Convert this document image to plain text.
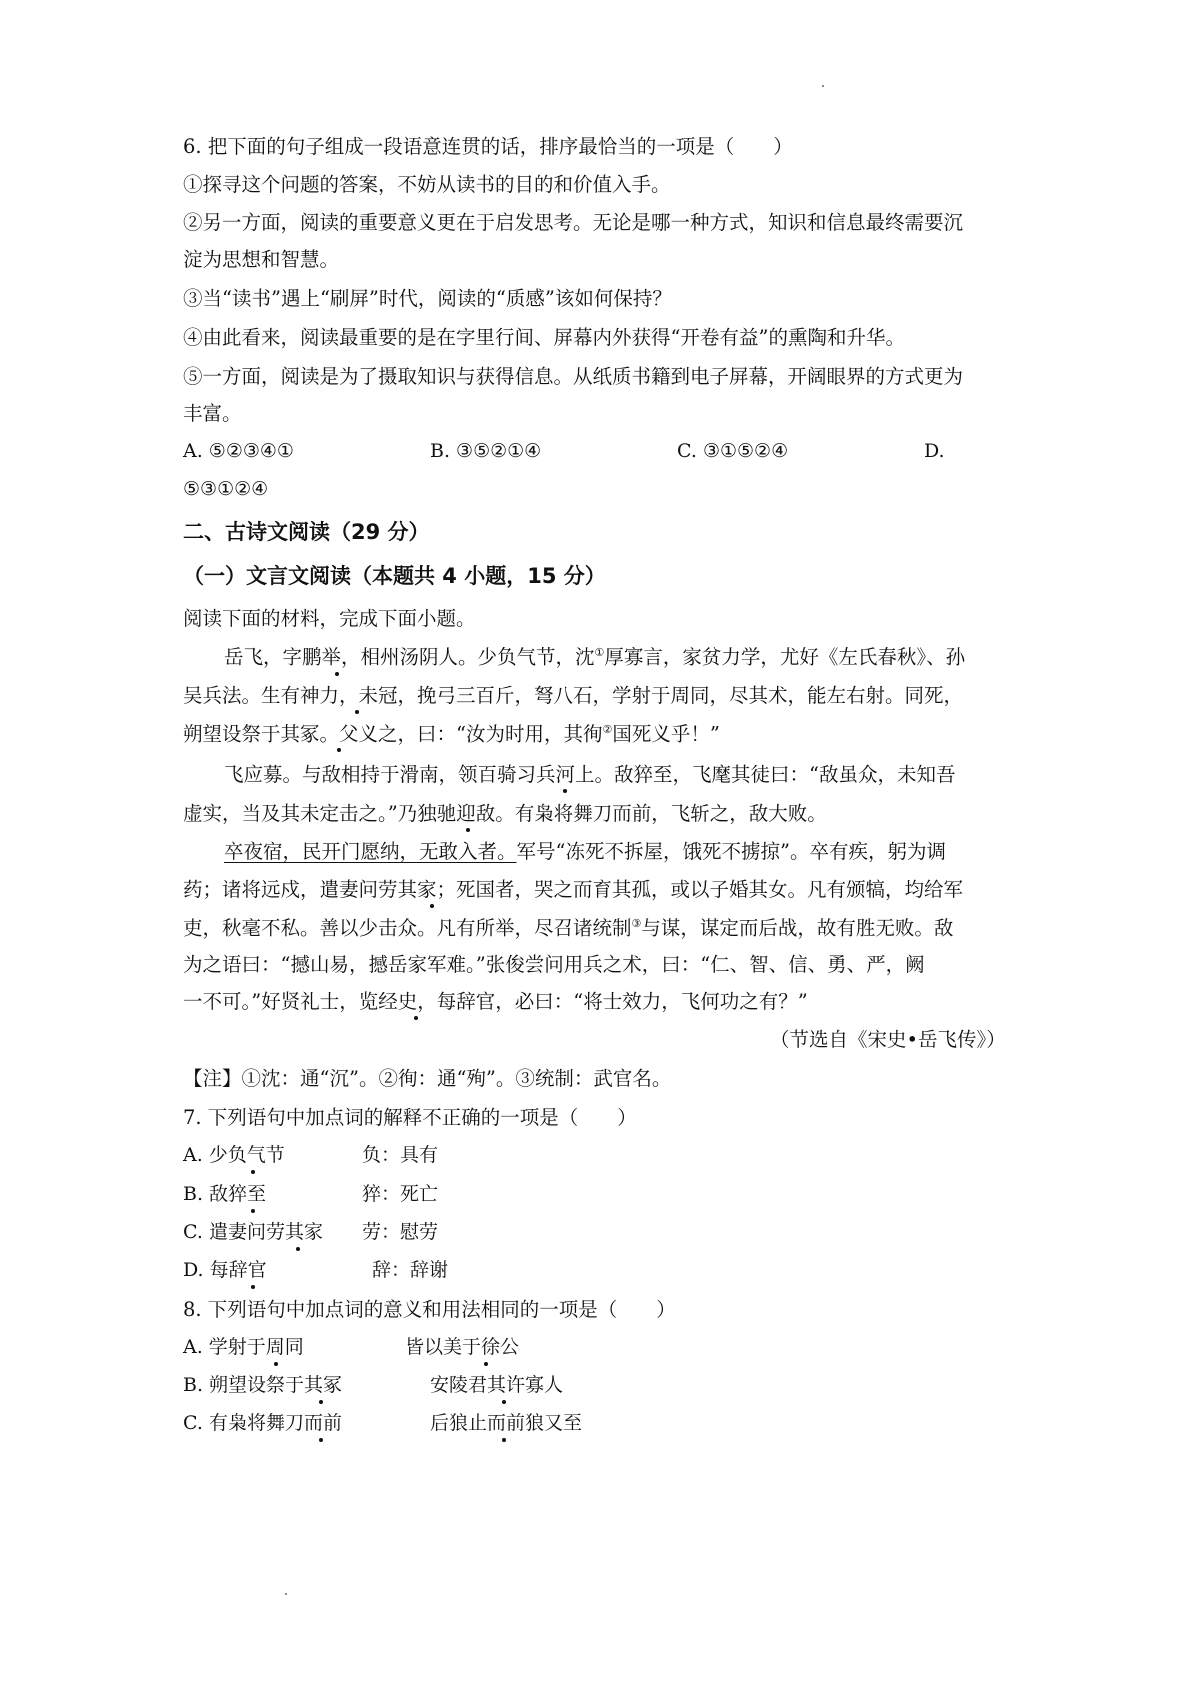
6. 把下面的句子组成一段语意连贯的话，排序最恰当的一项是（　　）
①探寻这个问题的答案，不妨从读书的目的和价值入手。
②另一方面，阅读的重要意义更在于启发思考。无论是哪一种方式，知识和信息最终需要沉
淀为思想和智慧。
③当“读书”遇上“刷屏”时代，阅读的“质感”该如何保持？
④由此看来，阅读最重要的是在字里行间、屏幕内外获得“开卷有益”的熏陶和升华。
⑤一方面，阅读是为了摄取知识与获得信息。从纸质书籍到电子屏幕，开阔眼界的方式更为
丰富。
A. ⑤②③④①	B. ③⑤②①④	C. ③①⑤②④	D.
⑤③①②④
二、古诗文阅读（29 分）
（一）文言文阅读（本题共 4 小题，15 分）
阅读下面的材料，完成下面小题。
岳飞，字鹏举，相州汤阴人。少负气节，沈①厚寡言，家贫力学，尤好《左氏春秋》、孙
吴兵法。生有神力，未冠，挽弓三百斤，弩八石，学射于周同，尽其术，能左右射。同死，
朔望设祭于其冢。父义之，曰：“汝为时用，其徇②国死义乎！”
飞应募。与敌相持于滑南，领百骑习兵河上。敌猝至，飞麾其徒曰：“敌虽众，未知吾
虚实，当及其未定击之。”乃独驰迎敌。有枭将舞刀而前，飞斩之，敌大败。
卒夜宿，民开门愿纳，无敢入者。军号“冻死不拆屋，饿死不掳掠”。卒有疾，躬为调
药；诸将远戍，遣妻问劳其家；死国者，哭之而育其孤，或以子婚其女。凡有颁犒，均给军
吏，秋毫不私。善以少击众。凡有所举，尽召诸统制③与谋，谋定而后战，故有胜无败。敌
为之语曰：“撼山易，撼岳家军难。”张俊尝问用兵之术，曰：“仁、智、信、勇、严，阙
一不可。”好贤礼士，览经史，每辞官，必曰：“将士效力，飞何功之有？”
（节选自《宋史•岳飞传》）
【注】①沈：通“沉”。②徇：通“殉”。③统制：武官名。
7. 下列语句中加点词的解释不正确的一项是（　　）
A. 少负气节	负：具有
B. 敌猝至	猝：死亡
C. 遣妻问劳其家 劳：慰劳
D. 每辞官	辞：辞谢
8. 下列语句中加点词的意义和用法相同的一项是（　　）
A. 学射于周同	皆以美于徐公
B. 朔望设祭于其冢	安陵君其许寡人
C. 有枭将舞刀而前	后狼止而前狼又至
